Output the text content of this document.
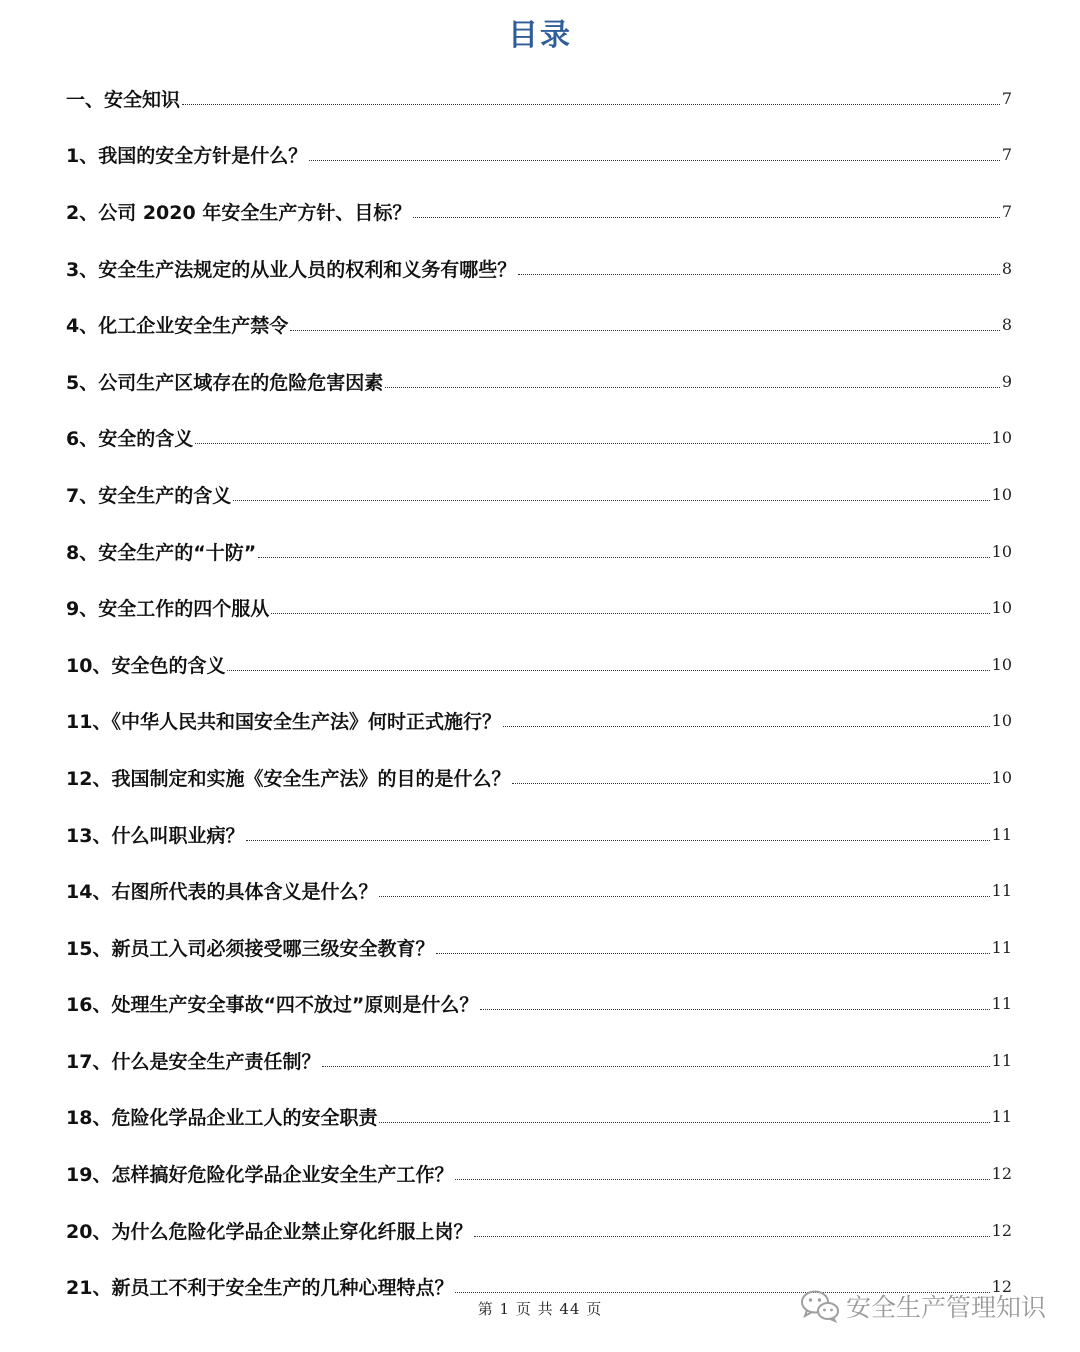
目录
一、安全知识	7
1、我国的安全方针是什么？	7
2、公司 2020 年安全生产方针、目标？	7
3、安全生产法规定的从业人员的权利和义务有哪些？	8
4、化工企业安全生产禁令	8
5、公司生产区域存在的危险危害因素	9
6、安全的含义	10
7、安全生产的含义	10
8、安全生产的“十防”	10
9、安全工作的四个服从	10
10、安全色的含义	10
11、《中华人民共和国安全生产法》何时正式施行？	10
12、我国制定和实施《安全生产法》的目的是什么？	10
13、什么叫职业病？	11
14、右图所代表的具体含义是什么？	11
15、新员工入司必须接受哪三级安全教育？	11
16、处理生产安全事故“四不放过”原则是什么？	11
17、什么是安全生产责任制？	11
18、危险化学品企业工人的安全职责	11
19、怎样搞好危险化学品企业安全生产工作？	12
20、为什么危险化学品企业禁止穿化纤服上岗？	12
21、新员工不利于安全生产的几种心理特点？	12
第 1 页 共 44 页	安全生产管理知识
